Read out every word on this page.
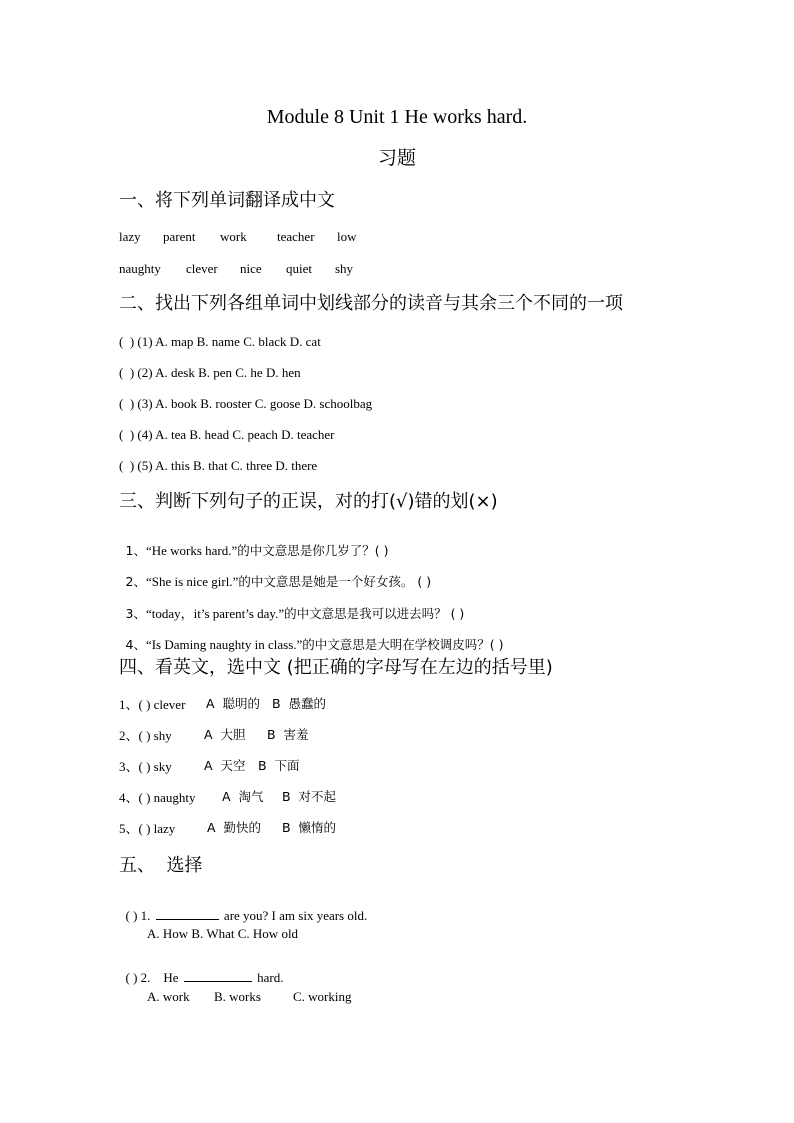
Module 8 Unit 1 He works hard.
习题
一、将下列单词翻译成中文
lazy parent work teacher low
naughty clever nice quiet shy
二、找出下列各组单词中划线部分的读音与其余三个不同的一项
(  ) (1) A. map B. name C. black D. cat
(  ) (2) A. desk B. pen C. he D. hen
(  ) (3) A. book B. rooster C. goose D. schoolbag
(  ) (4) A. tea B. head C. peach D. teacher
(  ) (5) A. this B. that C. three D. there
三、判断下列句子的正误，对的打(√)错的划(×)

1、“He works hard.”的中文意思是你几岁了？( )

2、“She is nice girl.”的中文意思是她是一个好女孩。 ( )

3、“today，it’s parent’s day.”的中文意思是我可以进去吗？ ( )

4、“Is Daming naughty in class.”的中文意思是大明在学校调皮吗？( )

四、看英文，选中文 (把正确的字母写在左边的括号里)
1、( ) clever A  聪明的 B  愚蠢的
2、( ) shy	A  大胆 B  害羞
3、( ) sky	A  天空 B  下面
4、( ) naughty A  淘气 B  对不起
5、( ) lazy	A  勤快的 B  懒惰的
五、  选择

( ) 1.	are you? I am six years old.

A. How B. What C. How old

( ) 2. He	hard.

A. work B. works C. working
